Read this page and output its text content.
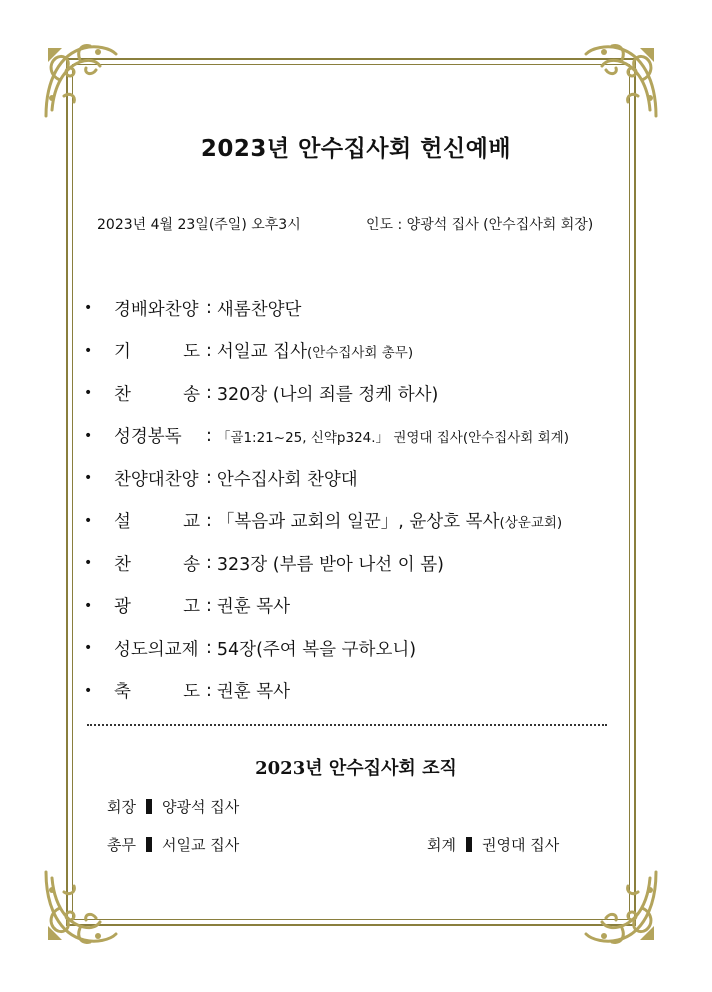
2023년 안수집사회 헌신예배
2023년 4월 23일(주일) 오후3시	인도 : 양광석 집사 (안수집사회 회장)
•	경배와찬양 : 새롬찬양단
•	기	도 : 서일교 집사 (안수집사회 총무)
•	찬	송 : 320장 (나의 죄를 정케 하사)
•	성경봉독 : 「골1:21~25, 신약p324.」 권영대 집사 (안수집사회 회계)
•	찬양대찬양 : 안수집사회 찬양대
•	설	교 : 「복음과 교회의 일꾼」, 윤상호 목사 (상운교회)
•	찬	송 : 323장 (부름 받아 나선 이 몸)
•	광	고 : 권훈 목사
•	성도의교제 : 54장(주여 복을 구하오니)
•	축	도 : 권훈 목사
2023년 안수집사회 조직
회장 양광석 집사
총무 서일교 집사	회계 권영대 집사
